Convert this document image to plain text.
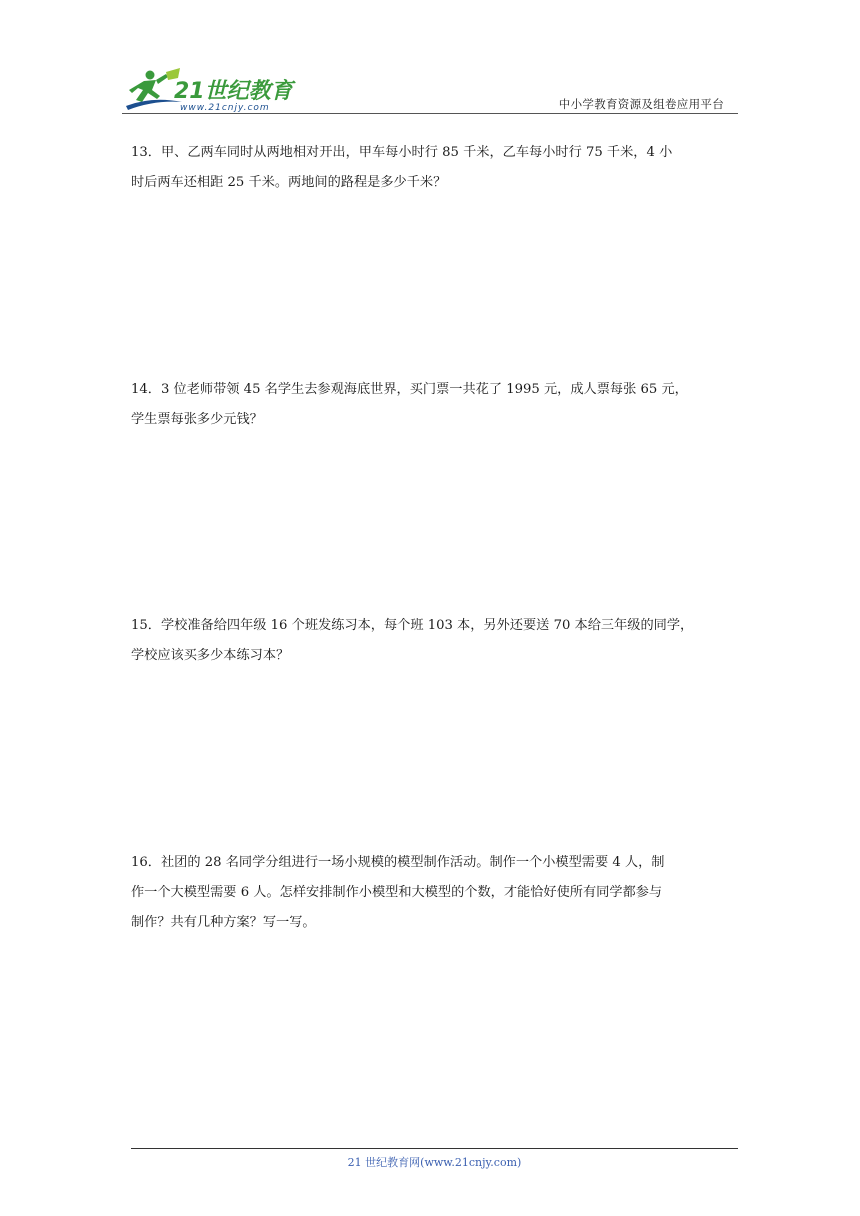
21世纪教育
www.21cnjy.com	中小学教育资源及组卷应用平台

13．甲、乙两车同时从两地相对开出，甲车每小时行 85 千米，乙车每小时行 75 千米，4 小

时后两车还相距 25 千米。两地间的路程是多少千米？

14．3 位老师带领 45 名学生去参观海底世界，买门票一共花了 1995 元，成人票每张 65 元，

学生票每张多少元钱？

15．学校准备给四年级 16 个班发练习本，每个班 103 本，另外还要送 70 本给三年级的同学，

学校应该买多少本练习本？

16．社团的 28 名同学分组进行一场小规模的模型制作活动。制作一个小模型需要 4 人，制

作一个大模型需要 6 人。怎样安排制作小模型和大模型的个数，才能恰好使所有同学都参与

制作？共有几种方案？写一写。

21 世纪教育网(www.21cnjy.com)
